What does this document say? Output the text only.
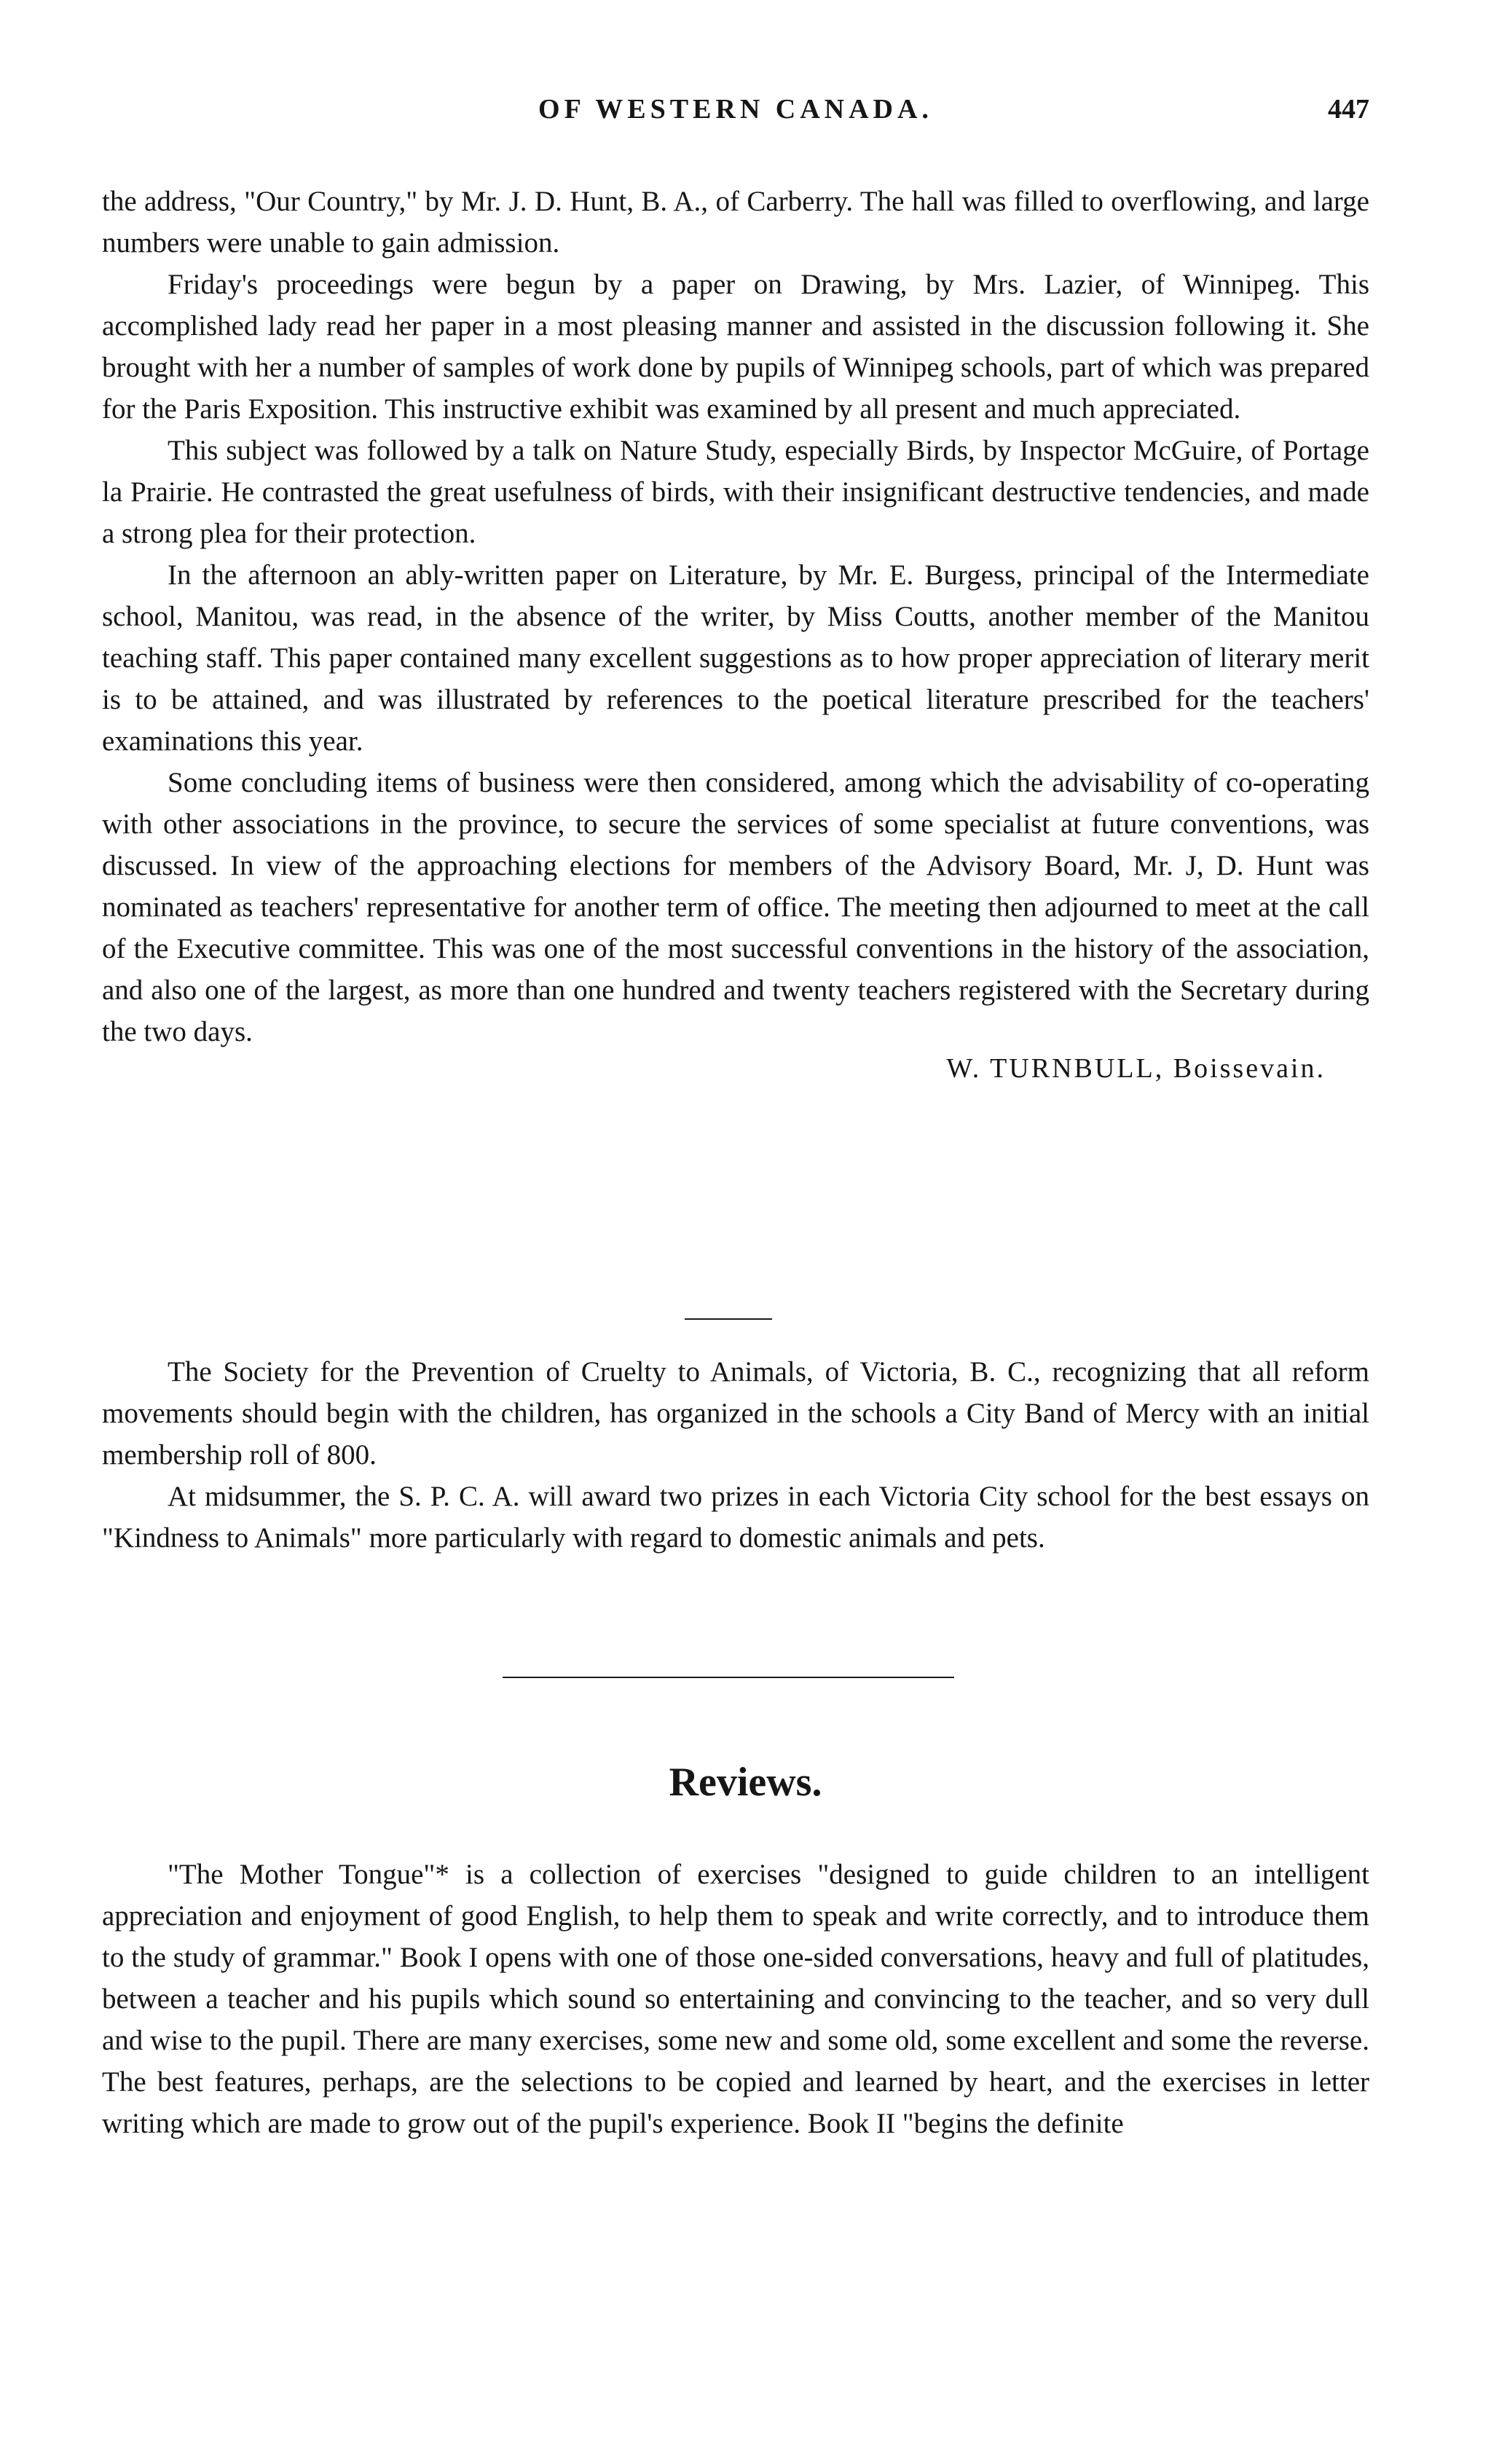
OF WESTERN CANADA.	447

the address, "Our Country," by Mr. J. D. Hunt, B. A., of Carberry. The hall was filled to overflowing, and large numbers were unable to gain admission.

Friday's proceedings were begun by a paper on Drawing, by Mrs. Lazier, of Winnipeg. This accomplished lady read her paper in a most pleasing manner and assisted in the discussion following it. She brought with her a number of samples of work done by pupils of Winnipeg schools, part of which was prepared for the Paris Exposition. This instructive exhibit was examined by all present and much appreciated.

This subject was followed by a talk on Nature Study, especially Birds, by Inspector McGuire, of Portage la Prairie. He contrasted the great usefulness of birds, with their insignificant destructive tendencies, and made a strong plea for their protection.

In the afternoon an ably-written paper on Literature, by Mr. E. Burgess, principal of the Intermediate school, Manitou, was read, in the absence of the writer, by Miss Coutts, another member of the Manitou teaching staff. This paper contained many excellent suggestions as to how proper appreciation of literary merit is to be attained, and was illustrated by references to the poetical literature prescribed for the teachers' examinations this year.

Some concluding items of business were then considered, among which the advisability of co-operating with other associations in the province, to secure the services of some specialist at future conventions, was discussed. In view of the approaching elections for members of the Advisory Board, Mr. J, D. Hunt was nominated as teachers' representative for another term of office. The meeting then adjourned to meet at the call of the Executive committee. This was one of the most successful conventions in the history of the association, and also one of the largest, as more than one hundred and twenty teachers registered with the Secretary during the two days.

W. TURNBULL, Boissevain.

The Society for the Prevention of Cruelty to Animals, of Victoria, B. C., recognizing that all reform movements should begin with the children, has organized in the schools a City Band of Mercy with an initial membership roll of 800.

At midsummer, the S. P. C. A. will award two prizes in each Victoria City school for the best essays on "Kindness to Animals" more particularly with regard to domestic animals and pets.

Reviews.

"The Mother Tongue"* is a collection of exercises "designed to guide children to an intelligent appreciation and enjoyment of good English, to help them to speak and write correctly, and to introduce them to the study of grammar." Book I opens with one of those one-sided conversations, heavy and full of platitudes, between a teacher and his pupils which sound so entertaining and convincing to the teacher, and so very dull and wise to the pupil. There are many exercises, some new and some old, some excellent and some the reverse. The best features, perhaps, are the selections to be copied and learned by heart, and the exercises in letter writing which are made to grow out of the pupil's experience. Book II "begins the definite
